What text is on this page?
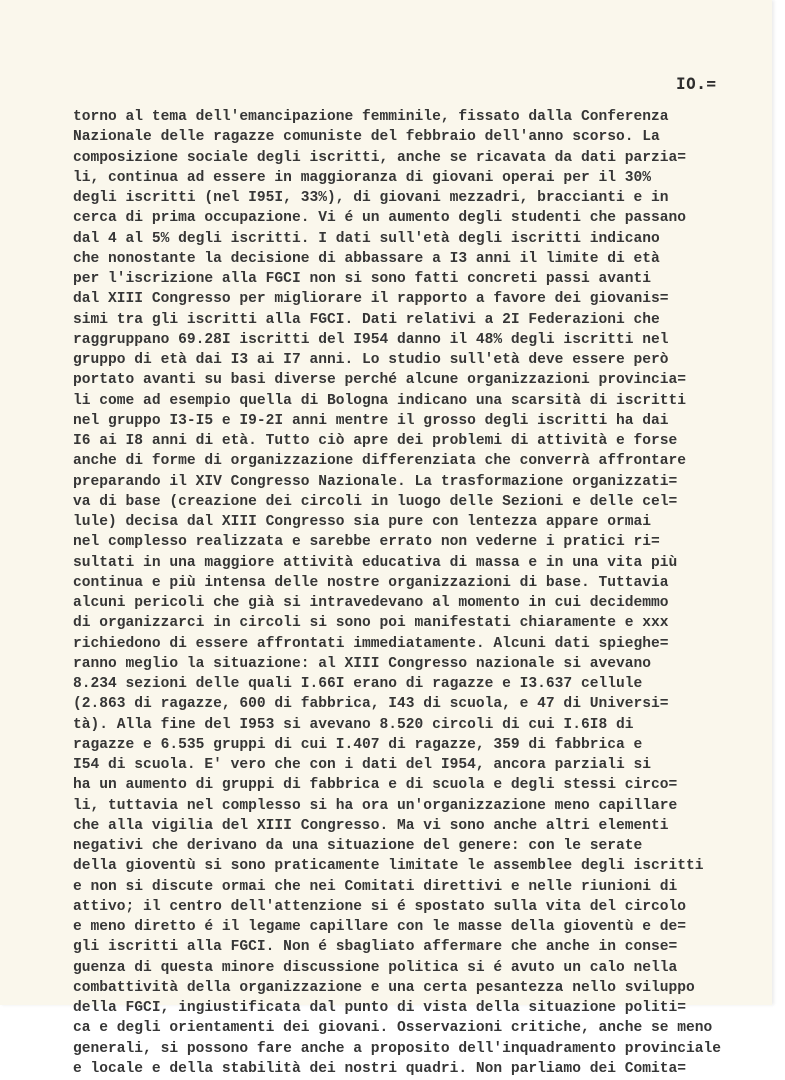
IO.=
torno al tema dell'emancipazione femminile, fissato dalla Conferenza
Nazionale delle ragazze comuniste del febbraio dell'anno scorso. La
composizione sociale degli iscritti, anche se ricavata da dati parzia=
li, continua ad essere in maggioranza di giovani operai per il 30%
degli iscritti (nel I95I, 33%), di giovani mezzadri, braccianti e in
cerca di prima occupazione. Vi é un aumento degli studenti che passano
dal 4 al 5% degli iscritti. I dati sull'età degli iscritti indicano
che nonostante la decisione di abbassare a I3 anni il limite di età
per l'iscrizione alla FGCI non si sono fatti concreti passi avanti
dal XIII Congresso per migliorare il rapporto a favore dei giovanis=
simi tra gli iscritti alla FGCI. Dati relativi a 2I Federazioni che
raggruppano 69.28I iscritti del I954 danno il 48% degli iscritti nel
gruppo di età dai I3 ai I7 anni. Lo studio sull'età deve essere però
portato avanti su basi diverse perché alcune organizzazioni provincia=
li come ad esempio quella di Bologna indicano una scarsità di iscritti
nel gruppo I3-I5 e I9-2I anni mentre il grosso degli iscritti ha dai
I6 ai I8 anni di età. Tutto ciò apre dei problemi di attività e forse
anche di forme di organizzazione differenziata che converrà affrontare
preparando il XIV Congresso Nazionale. La trasformazione organizzati=
va di base (creazione dei circoli in luogo delle Sezioni e delle cel=
lule) decisa dal XIII Congresso sia pure con lentezza appare ormai
nel complesso realizzata e sarebbe errato non vederne i pratici ri=
sultati in una maggiore attività educativa di massa e in una vita più
continua e più intensa delle nostre organizzazioni di base. Tuttavia
alcuni pericoli che già si intravedevano al momento in cui decidemmo
di organizzarci in circoli si sono poi manifestati chiaramente e xxx
richiedono di essere affrontati immediatamente. Alcuni dati spieghe=
ranno meglio la situazione: al XIII Congresso nazionale si avevano
8.234 sezioni delle quali I.66I erano di ragazze e I3.637 cellule
(2.863 di ragazze, 600 di fabbrica, I43 di scuola, e 47 di Universi=
tà). Alla fine del I953 si avevano 8.520 circoli di cui I.6I8 di
ragazze e 6.535 gruppi di cui I.407 di ragazze, 359 di fabbrica e
I54 di scuola. E' vero che con i dati del I954, ancora parziali si
ha un aumento di gruppi di fabbrica e di scuola e degli stessi circo=
li, tuttavia nel complesso si ha ora un'organizzazione meno capillare
che alla vigilia del XIII Congresso. Ma vi sono anche altri elementi
negativi che derivano da una situazione del genere: con le serate
della gioventù si sono praticamente limitate le assemblee degli iscritti
e non si discute ormai che nei Comitati direttivi e nelle riunioni di
attivo; il centro dell'attenzione si é spostato sulla vita del circolo
e meno diretto é il legame capillare con le masse della gioventù e de=
gli iscritti alla FGCI. Non é sbagliato affermare che anche in conse=
guenza di questa minore discussione politica si é avuto un calo nella
combattività della organizzazione e una certa pesantezza nello sviluppo
della FGCI, ingiustificata dal punto di vista della situazione politi=
ca e degli orientamenti dei giovani. Osservazioni critiche, anche se meno
generali, si possono fare anche a proposito dell'inquadramento provinciale
e locale e della stabilità dei nostri quadri. Non parliamo dei Comita=
